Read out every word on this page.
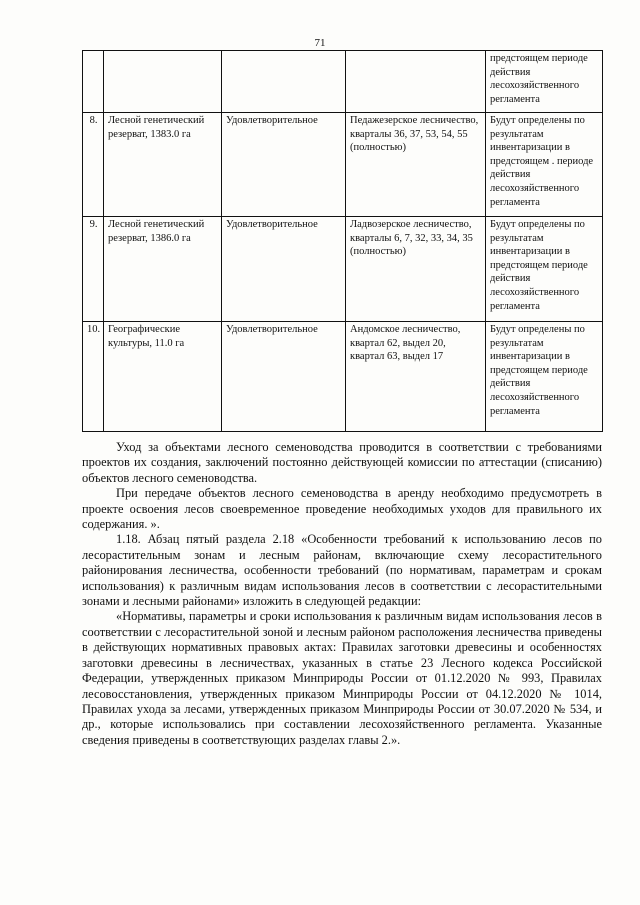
71
				предстоящем периоде действия лесохозяйственного регламента
8.	Лесной генетический резерват, 1383.0 га	Удовлетворительное	Педажезерское лесничество, кварталы 36, 37, 53, 54, 55 (полностью)	Будут определены по результатам инвентаризации в предстоящем . периоде действия лесохозяйственного регламента
9.	Лесной генетический резерват, 1386.0 га	Удовлетворительное	Ладвозерское лесничество, кварталы 6, 7, 32, 33, 34, 35 (полностью)	Будут определены по результатам инвентаризации в предстоящем периоде действия лесохозяйственного регламента
10.	Географические культуры, 11.0 га	Удовлетворительное	Андомское лесничество, квартал 62, выдел 20, квартал 63, выдел 17	Будут определены по результатам инвентаризации в предстоящем периоде действия лесохозяйственного регламента

Уход за объектами лесного семеноводства проводится в соответствии с требованиями проектов их создания, заключений постоянно действующей комиссии по аттестации (списанию) объектов лесного семеноводства.

При передаче объектов лесного семеноводства в аренду необходимо предусмотреть в проекте освоения лесов своевременное проведение необходимых уходов для правильного их содержания. ».

1.18. Абзац пятый раздела 2.18 «Особенности требований к использованию лесов по лесорастительным зонам и лесным районам, включающие схему лесорастительного районирования лесничества, особенности требований (по нормативам, параметрам и срокам использования) к различным видам использования лесов в соответствии с лесорастительными зонами и лесными районами» изложить в следующей редакции:

«Нормативы, параметры и сроки использования к различным видам использования лесов в соответствии с лесорастительной зоной и лесным районом расположения лесничества приведены в действующих нормативных правовых актах: Правилах заготовки древесины и особенностях заготовки древесины в лесничествах, указанных в статье 23 Лесного кодекса Российской Федерации, утвержденных приказом Минприроды России от 01.12.2020 № 993, Правилах лесовосстановления, утвержденных приказом Минприроды России от 04.12.2020 № 1014, Правилах ухода за лесами, утвержденных приказом Минприроды России от 30.07.2020 № 534, и др., которые использовались при составлении лесохозяйственного регламента. Указанные сведения приведены в соответствующих разделах главы 2.».
